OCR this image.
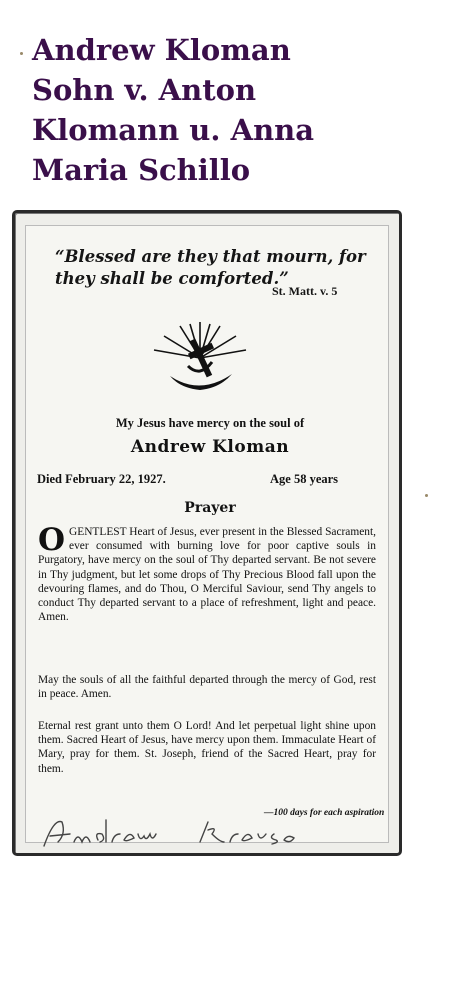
Andrew Kloman
Sohn v. Anton
Klomann u. Anna
Maria Schillo
“Blessed are they that mourn, for
they shall be comforted.”
St. Matt. v. 5
My Jesus have mercy on the soul of
Andrew Kloman
Died February 22, 1927.	Age 58 years
Prayer
O GENTLEST Heart of Jesus, ever present in the Blessed Sacrament, ever consumed with burning love for poor captive souls in Purgatory, have mercy on the soul of Thy departed servant. Be not severe in Thy judgment, but let some drops of Thy Precious Blood fall upon the devouring flames, and do Thou, O Merciful Saviour, send Thy angels to conduct Thy departed servant to a place of refreshment, light and peace. Amen.
May the souls of all the faithful departed through the mercy of God, rest in peace. Amen.
Eternal rest grant unto them O Lord! And let perpetual light shine upon them. Sacred Heart of Jesus, have mercy upon them. Immaculate Heart of Mary, pray for them. St. Joseph, friend of the Sacred Heart, pray for them.
—100 days for each aspiration
